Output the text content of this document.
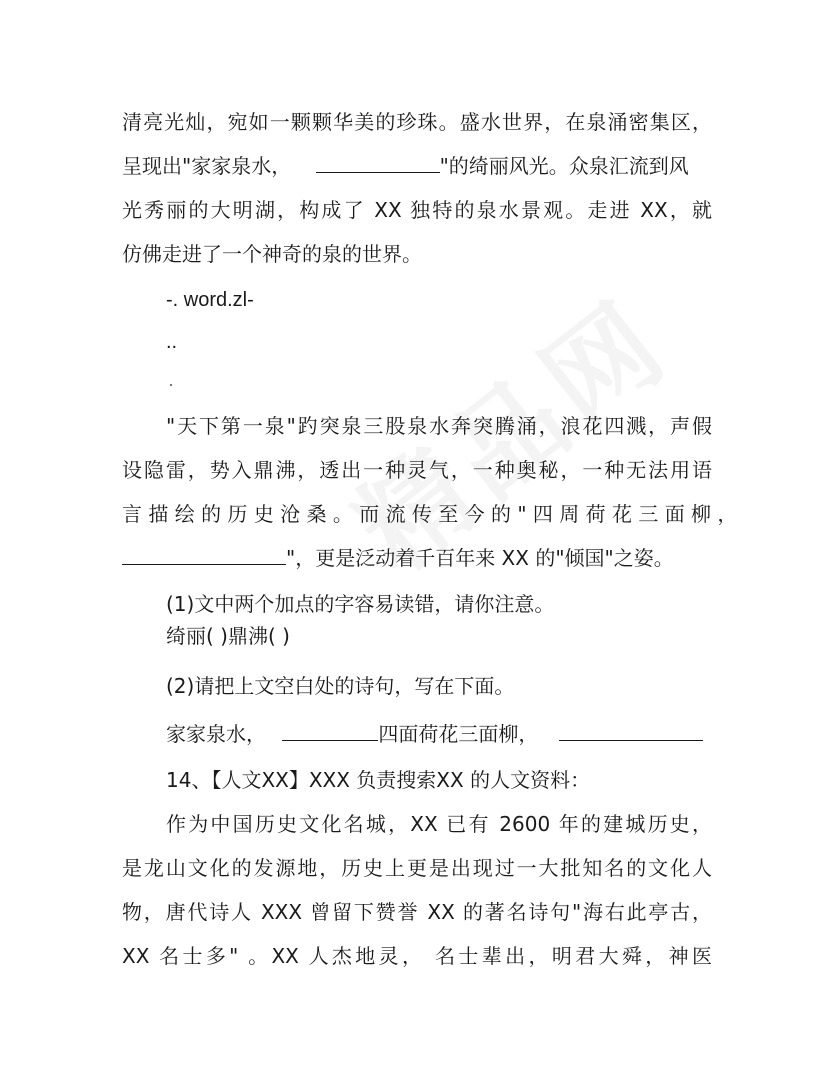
清亮光灿，宛如一颗颗华美的珍珠。盛水世界，在泉涌密集区，
呈现出"家家泉水，	"的绮丽风光。众泉汇流到风
光秀丽的大明湖，构成了 XX 独特的泉水景观。走进 XX，就
仿佛走进了一个神奇的泉的世界。
-. word.zl-
..
"天下第一泉"趵突泉三股泉水奔突腾涌，浪花四溅，声假
设隐雷，势入鼎沸，透出一种灵气，一种奥秘，一种无法用语
言 描 绘 的 历 史 沧 桑 。 而 流 传 至 今 的 " 四 周 荷 花 三 面 柳 ，
"，更是泛动着千百年来 XX 的"倾国"之姿。
(1)文中两个加点的字容易读错，请你注意。
绮丽( )鼎沸( )
(2)请把上文空白处的诗句，写在下面。
家家泉水，	四面荷花三面柳，
14、【人文XX】XXX 负责搜索XX 的人文资料：
作为中国历史文化名城，XX 已有 2600 年的建城历史，
是龙山文化的发源地，历史上更是出现过一大批知名的文化人
物，唐代诗人 XXX 曾留下赞誉 XX 的著名诗句"海右此亭古，
XX 名士多" 。XX 人杰地灵， 名士辈出，明君大舜，神医
